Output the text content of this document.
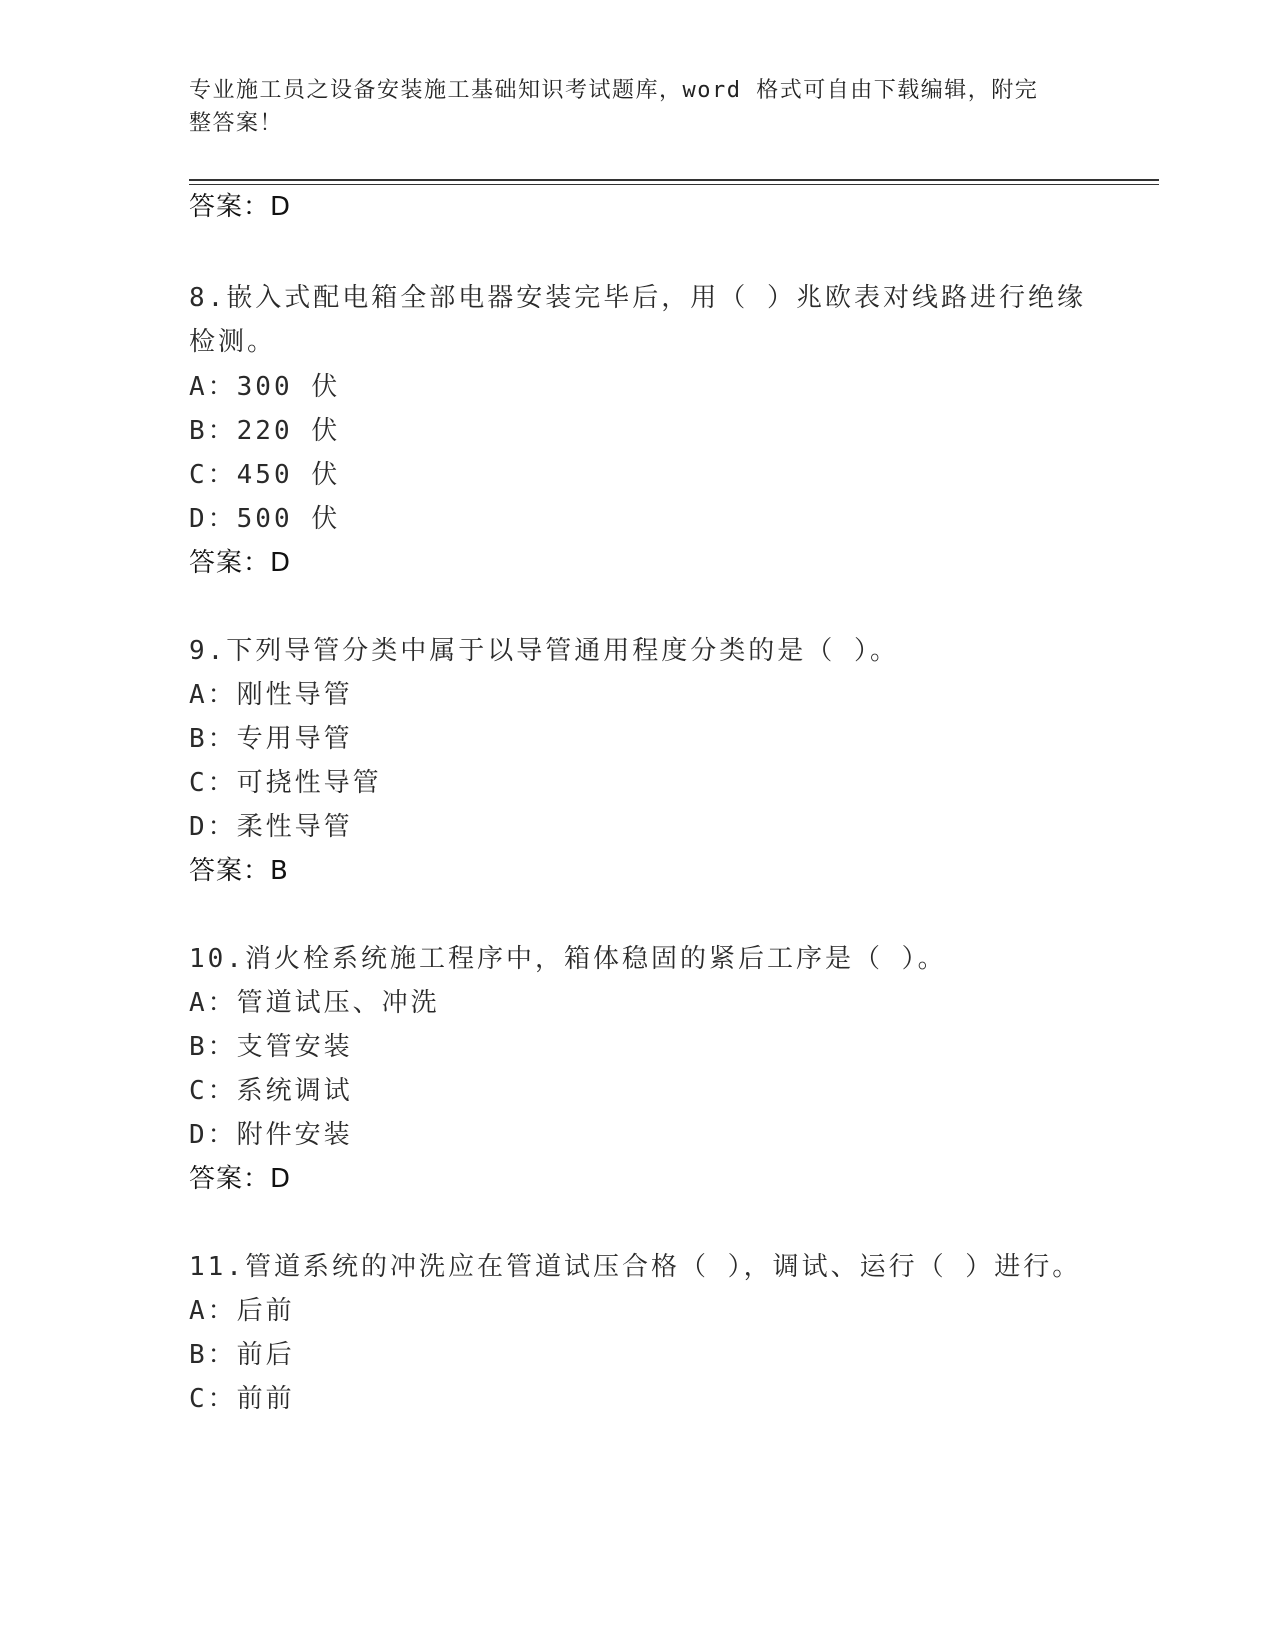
专业施工员之设备安装施工基础知识考试题库，word 格式可自由下载编辑，附完
整答案！
答案：D
8.嵌入式配电箱全部电器安装完毕后，用（ ）兆欧表对线路进行绝缘
检测。
A：300 伏
B：220 伏
C：450 伏
D：500 伏
答案：D
9.下列导管分类中属于以导管通用程度分类的是（ ）。
A：刚性导管
B：专用导管
C：可挠性导管
D：柔性导管
答案：B
10.消火栓系统施工程序中，箱体稳固的紧后工序是（ ）。
A：管道试压、冲洗
B：支管安装
C：系统调试
D：附件安装
答案：D
11.管道系统的冲洗应在管道试压合格（ ），调试、运行（ ）进行。
A：后前
B：前后
C：前前
